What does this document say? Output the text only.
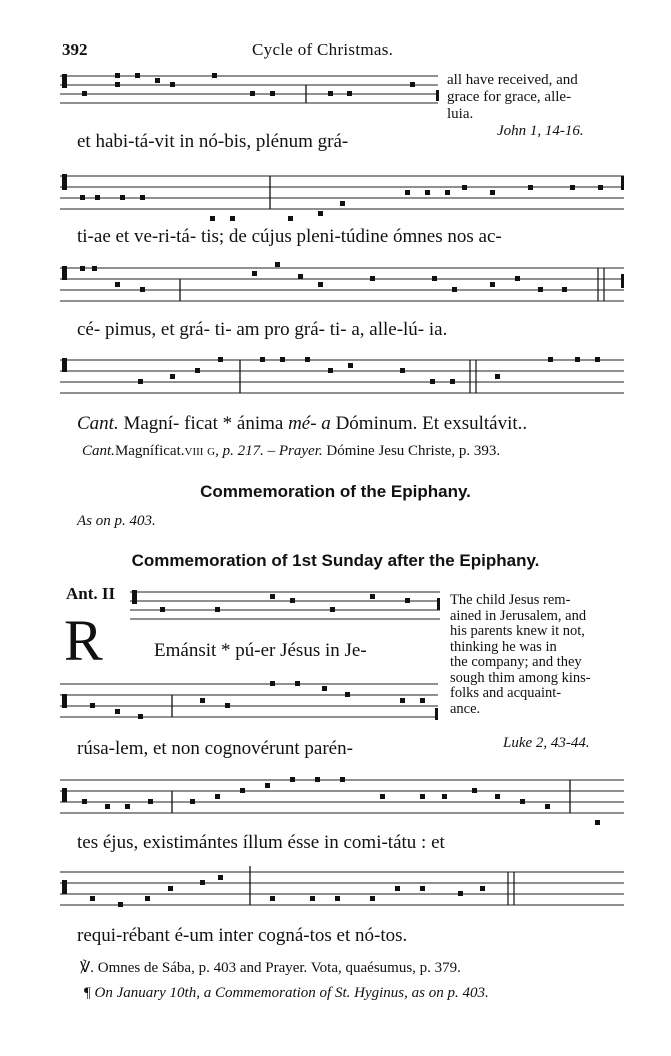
392	Cycle of Christmas.
all have received, and
grace for grace, alle-
luia.
et habi-tá-vit in nó-bis, plénum grá-	John 1, 14-16.
ti-ae et ve-ri-tá- tis; de cújus pleni-túdine ómnes nos ac-
cé- pimus, et grá- ti- am pro grá- ti- a, alle-lú- ia.
Cant. Magní- ficat * ánima mé- a Dóminum. Et exsultávit..
Cant.Magníficat.viii g, p. 217. – Prayer. Dómine Jesu Christe, p. 393.
Commemoration of the Epiphany.
As on p. 403.
Commemoration of 1st Sunday after the Epiphany.
Ant. II
R
The child Jesus rem-
ained in Jerusalem, and
his parents knew it not,
thinking he was in
the company; and they
sough thim among kins-
folks and acquaint-
ance.
Emánsit * pú-er Jésus in Je-
rúsa-lem, et non cognovérunt parén-	Luke 2, 43-44.
tes éjus, existimántes íllum ésse in comi-tátu : et
requi-rébant é-um inter cogná-tos et nó-tos.
℣. Omnes de Sába, p. 403 and Prayer. Vota, quaésumus, p. 379.
¶ On January 10th, a Commemoration of St. Hyginus, as on p. 403.
